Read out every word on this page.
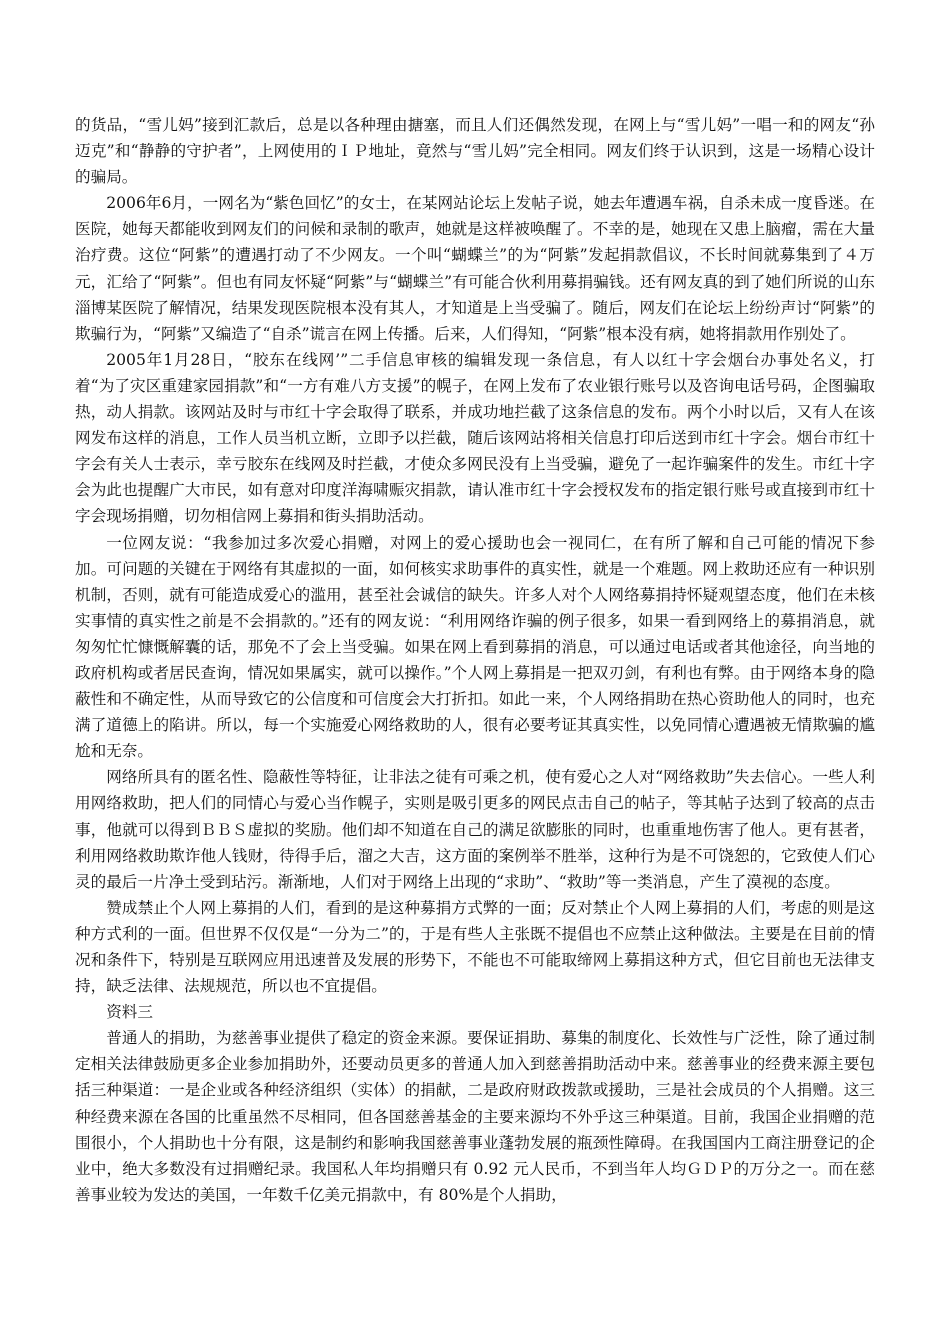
的货品，“雪儿妈”接到汇款后，总是以各种理由搪塞，而且人们还偶然发现，在网上与“雪儿妈”一唱一和的网友“孙迈克”和“静静的守护者”，上网使用的ＩＰ地址，竟然与“雪儿妈”完全相同。网友们终于认识到，这是一场精心设计的骗局。

2006年6月，一网名为“紫色回忆”的女士，在某网站论坛上发帖子说，她去年遭遇车祸，自杀未成一度昏迷。在医院，她每天都能收到网友们的问候和录制的歌声，她就是这样被唤醒了。不幸的是，她现在又患上脑瘤，需在大量治疗费。这位“阿紫”的遭遇打动了不少网友。一个叫“蝴蝶兰”的为“阿紫”发起捐款倡议，不长时间就募集到了４万元，汇给了“阿紫”。但也有同友怀疑“阿紫”与“蝴蝶兰”有可能合伙利用募捐骗钱。还有网友真的到了她们所说的山东淄博某医院了解情况，结果发现医院根本没有其人，才知道是上当受骗了。随后，网友们在论坛上纷纷声讨“阿紫”的欺骗行为，“阿紫”又编造了“自杀”谎言在网上传播。后来，人们得知，“阿紫”根本没有病，她将捐款用作别处了。

2005年1月28日，“胶东在线网’”二手信息审核的编辑发现一条信息，有人以红十字会烟台办事处名义，打着“为了灾区重建家园捐款”和“一方有难八方支援”的幌子，在网上发布了农业银行账号以及咨询电话号码，企图骗取热，动人捐款。该网站及时与市红十字会取得了联系，并成功地拦截了这条信息的发布。两个小时以后，又有人在该网发布这样的消息，工作人员当机立断，立即予以拦截，随后该网站将相关信息打印后送到市红十字会。烟台市红十字会有关人士表示，幸亏胶东在线网及时拦截，才使众多网民没有上当受骗，避免了一起诈骗案件的发生。市红十字会为此也提醒广大市民，如有意对印度洋海啸赈灾捐款，请认准市红十字会授权发布的指定银行账号或直接到市红十字会现场捐赠，切勿相信网上募捐和街头捐助活动。

一位网友说：“我参加过多次爱心捐赠，对网上的爱心援助也会一视同仁，在有所了解和自己可能的情况下参加。可问题的关键在于网络有其虚拟的一面，如何核实求助事件的真实性，就是一个难题。网上救助还应有一种识别机制，否则，就有可能造成爱心的滥用，甚至社会诚信的缺失。许多人对个人网络募捐持怀疑观望态度，他们在未核实事情的真实性之前是不会捐款的。”还有的网友说：“利用网络诈骗的例子很多，如果一看到网络上的募捐消息，就匆匆忙忙慷慨解囊的话，那免不了会上当受骗。如果在网上看到募捐的消息，可以通过电话或者其他途径，向当地的政府机构或者居民查询，情况如果属实，就可以操作。”个人网上募捐是一把双刃剑，有利也有弊。由于网络本身的隐蔽性和不确定性，从而导致它的公信度和可信度会大打折扣。如此一来，个人网络捐助在热心资助他人的同时，也充满了道德上的陷讲。所以，每一个实施爱心网络救助的人，很有必要考证其真实性，以免同情心遭遇被无情欺骗的尴尬和无奈。

网络所具有的匿名性、隐蔽性等特征，让非法之徒有可乘之机，使有爱心之人对“网络救助”失去信心。一些人利用网络救助，把人们的同情心与爱心当作幌子，实则是吸引更多的网民点击自己的帖子，等其帖子达到了较高的点击事，他就可以得到ＢＢＳ虚拟的奖励。他们却不知道在自己的满足欲膨胀的同时，也重重地伤害了他人。更有甚者，利用网络救助欺诈他人钱财，待得手后，溜之大吉，这方面的案例举不胜举，这种行为是不可饶恕的，它致使人们心灵的最后一片净土受到玷污。渐渐地，人们对于网络上出现的“求助”、“救助”等一类消息，产生了漠视的态度。

赞成禁止个人网上募捐的人们，看到的是这种募捐方式弊的一面；反对禁止个人网上募捐的人们，考虑的则是这种方式利的一面。但世界不仅仅是“一分为二”的，于是有些人主张既不提倡也不应禁止这种做法。主要是在目前的情况和条件下，特别是互联网应用迅速普及发展的形势下，不能也不可能取缔网上募捐这种方式，但它目前也无法律支持，缺乏法律、法规规范，所以也不宜提倡。

资料三

普通人的捐助，为慈善事业提供了稳定的资金来源。要保证捐助、募集的制度化、长效性与广泛性，除了通过制定相关法律鼓励更多企业参加捐助外，还要动员更多的普通人加入到慈善捐助活动中来。慈善事业的经费来源主要包括三种渠道：一是企业或各种经济组织（实体）的捐献，二是政府财政拨款或援助，三是社会成员的个人捐赠。这三种经费来源在各国的比重虽然不尽相同，但各国慈善基金的主要来源均不外乎这三种渠道。目前，我国企业捐赠的范围很小，个人捐助也十分有限，这是制约和影响我国慈善事业蓬勃发展的瓶颈性障碍。在我国国内工商注册登记的企业中，绝大多数没有过捐赠纪录。我国私人年均捐赠只有 0.92 元人民币，不到当年人均ＧＤＰ的万分之一。而在慈善事业较为发达的美国，一年数千亿美元捐款中，有 80%是个人捐助，
